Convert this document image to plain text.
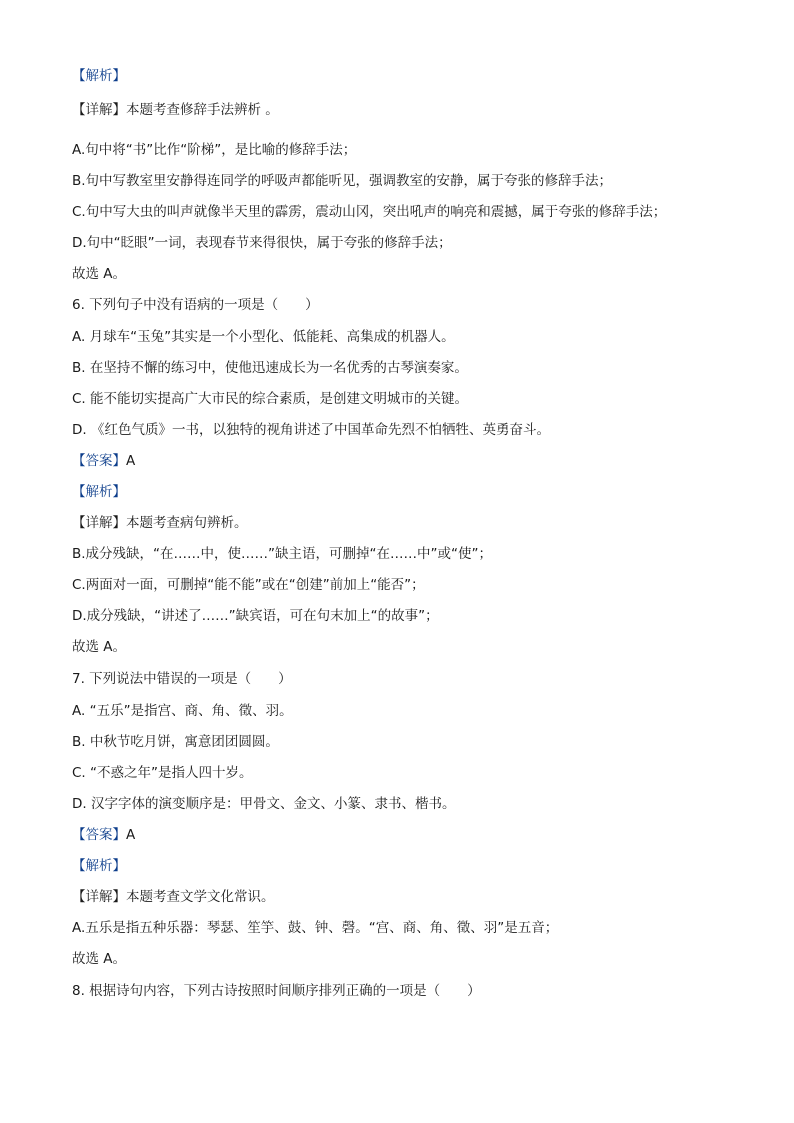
【解析】
【详解】本题考查修辞手法辨析 。
A.句中将“书”比作“阶梯”，是比喻的修辞手法；
B.句中写教室里安静得连同学的呼吸声都能听见，强调教室的安静，属于夸张的修辞手法；
C.句中写大虫的叫声就像半天里的霹雳，震动山冈，突出吼声的响亮和震撼，属于夸张的修辞手法；
D.句中“眨眼”一词，表现春节来得很快，属于夸张的修辞手法；
故选 A。
6. 下列句子中没有语病的一项是（　　）
A. 月球车“玉兔”其实是一个小型化、低能耗、高集成的机器人。
B. 在坚持不懈的练习中，使他迅速成长为一名优秀的古琴演奏家。
C. 能不能切实提高广大市民的综合素质，是创建文明城市的关键。
D. 《红色气质》一书，以独特的视角讲述了中国革命先烈不怕牺牲、英勇奋斗。
【答案】A
【解析】
【详解】本题考查病句辨析。
B.成分残缺，“在……中，使……”缺主语，可删掉“在……中”或“使”；
C.两面对一面，可删掉“能不能”或在“创建”前加上“能否”；
D.成分残缺，“讲述了……”缺宾语，可在句末加上“的故事”；
故选 A。
7. 下列说法中错误的一项是（　　）
A. “五乐”是指宫、商、角、徵、羽。
B. 中秋节吃月饼，寓意团团圆圆。
C. “不惑之年”是指人四十岁。
D. 汉字字体的演变顺序是：甲骨文、金文、小篆、隶书、楷书。
【答案】A
【解析】
【详解】本题考查文学文化常识。
A.五乐是指五种乐器：琴瑟、笙竽、鼓、钟、磬。“宫、商、角、徵、羽”是五音；
故选 A。
8. 根据诗句内容，下列古诗按照时间顺序排列正确的一项是（　　）
